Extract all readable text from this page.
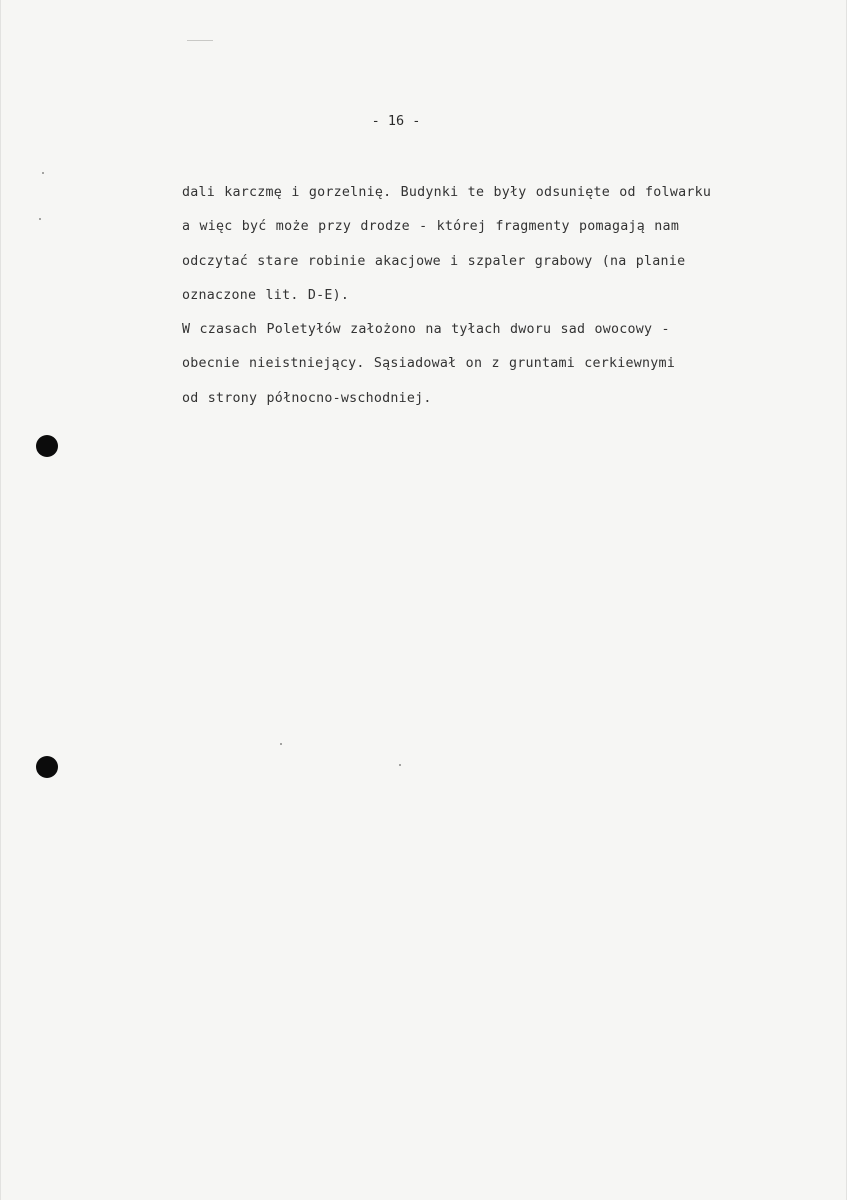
- 16 -
dali karczmę i gorzelnię. Budynki te były odsunięte od folwarku
a więc być może przy drodze - której fragmenty pomagają nam
odczytać stare robinie akacjowe i szpaler grabowy (na planie
oznaczone lit. D-E).
W czasach Poletyłów założono na tyłach dworu sad owocowy -
obecnie nieistniejący. Sąsiadował on z gruntami cerkiewnymi
od strony północno-wschodniej.
